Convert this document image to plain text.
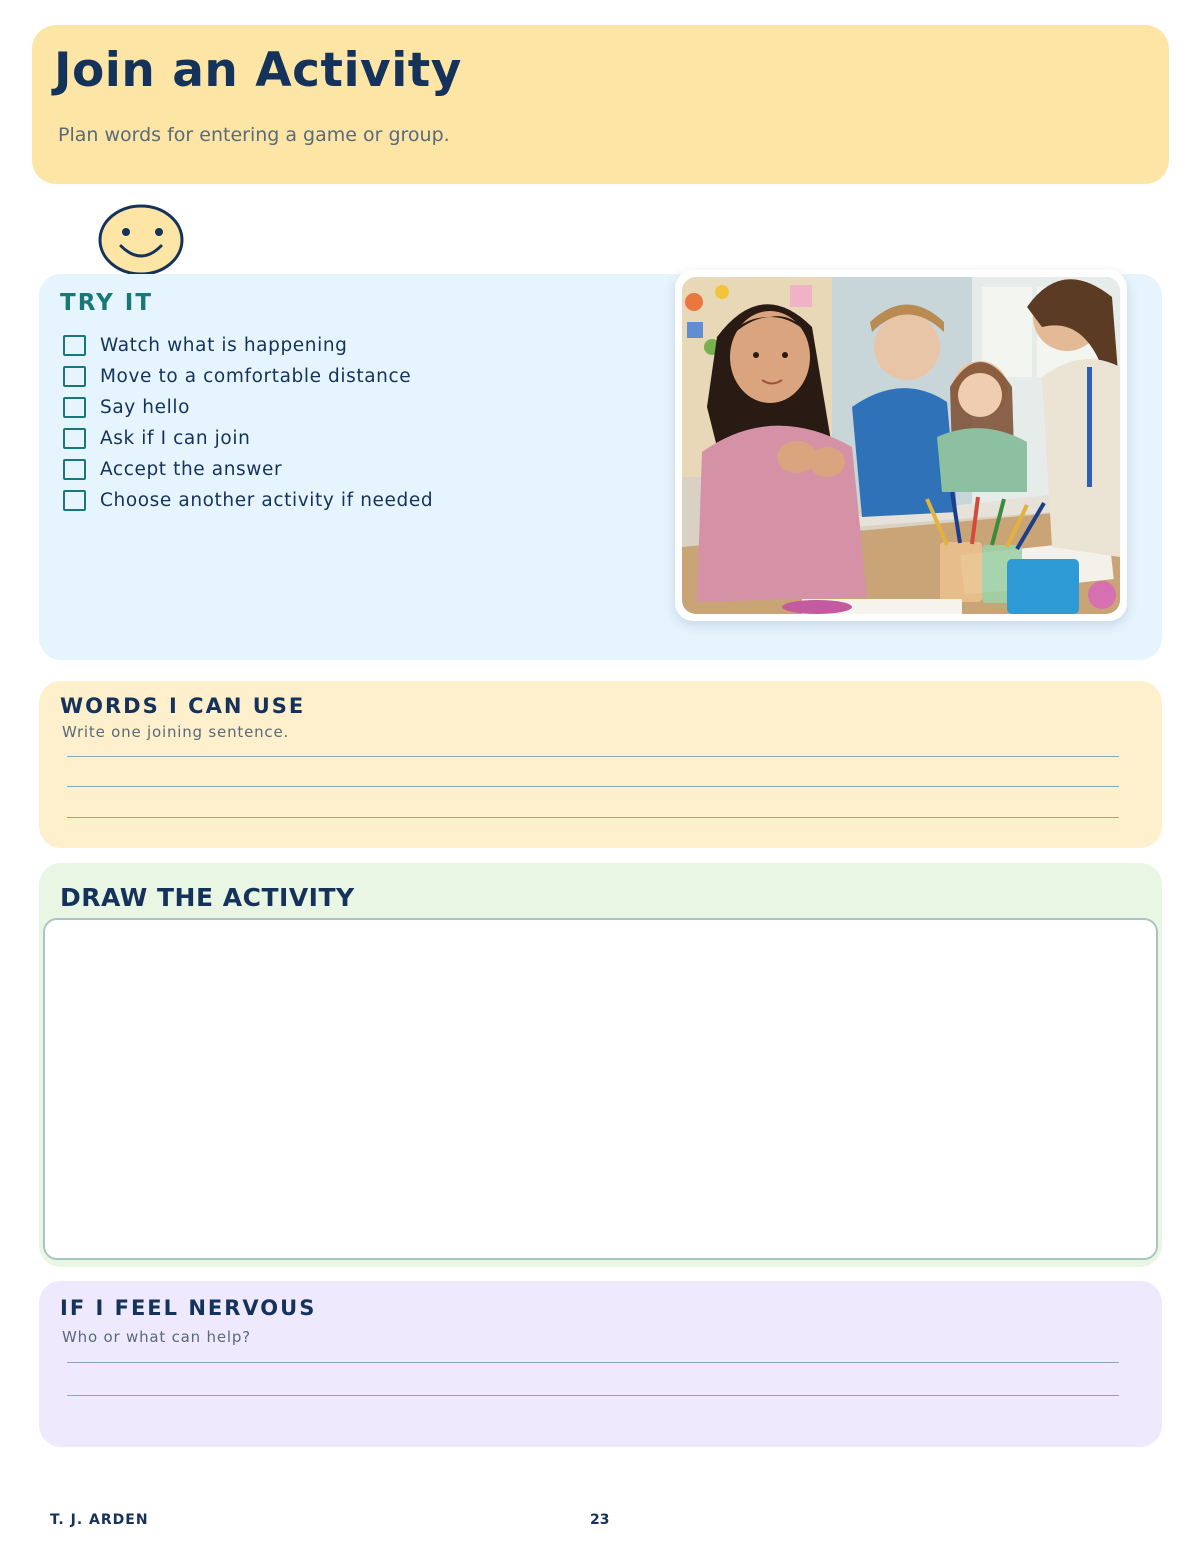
Join an Activity
Plan words for entering a game or group.
TRY IT
Watch what is happening
Move to a comfortable distance
Say hello
Ask if I can join
Accept the answer
Choose another activity if needed
WORDS I CAN USE
Write one joining sentence.
DRAW THE ACTIVITY
IF I FEEL NERVOUS
Who or what can help?
T. J. ARDEN	23
